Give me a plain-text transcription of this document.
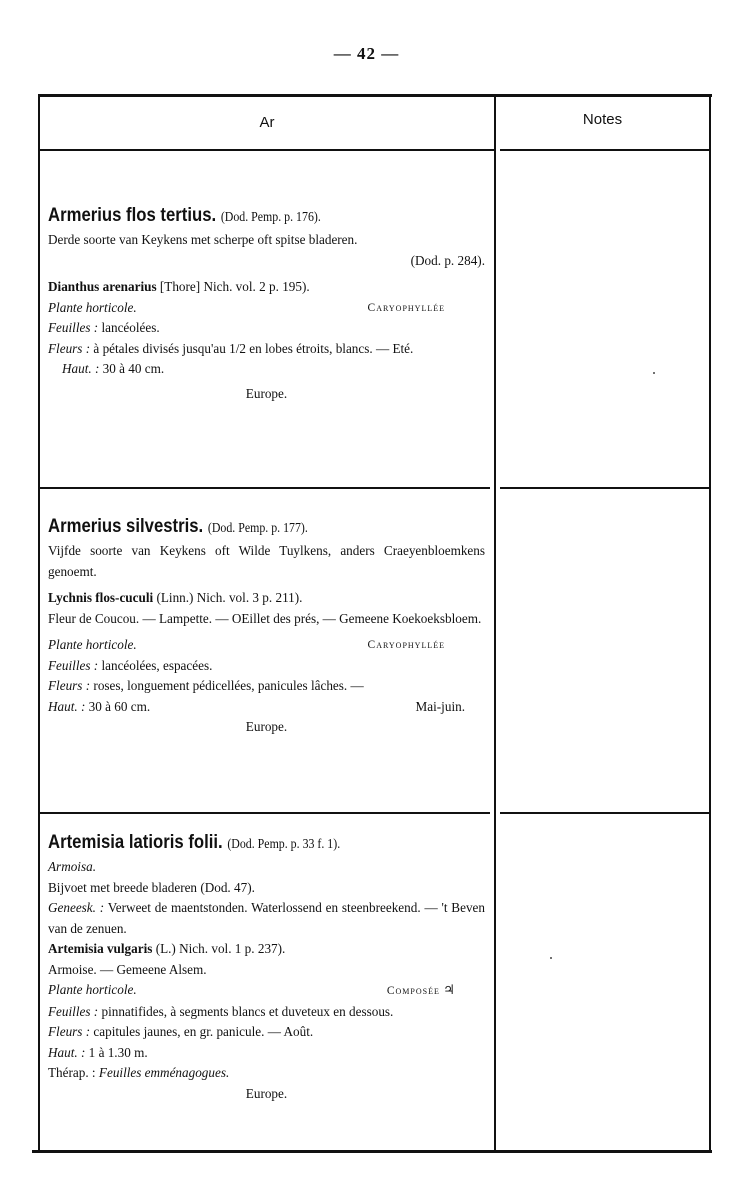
— 42 —
Ar	Notes

Armerius flos tertius. (Dod. Pemp. p. 176).

Derde soorte van Keykens met scherpe oft spitse bladeren.

(Dod. p. 284).

Dianthus arenarius [Thore] Nich. vol. 2 p. 195).

Plante horticole.	Caryophyllée

Feuilles : lancéolées.

Fleurs : à pétales divisés jusqu'au 1/2 en lobes étroits, blancs. — Eté.

Haut. : 30 à 40 cm.

Europe.

Armerius silvestris. (Dod. Pemp. p. 177).

Vijfde soorte van Keykens oft Wilde Tuylkens, anders Craeyenbloemkens genoemt.

Lychnis flos-cuculi (Linn.) Nich. vol. 3 p. 211).

Fleur de Coucou. — Lampette. — OEillet des prés, — Gemeene Koekoeksbloem.

Plante horticole.	Caryophyllée

Feuilles : lancéolées, espacées.

Fleurs : roses, longuement pédicellées, panicules lâches. —

Haut. : 30 à 60 cm.	Mai-juin.

Europe.

Artemisia latioris folii. (Dod. Pemp. p. 33 f. 1).

Armoisa.

Bijvoet met breede bladeren (Dod. 47).

Geneesk. : Verweet de maentstonden. Waterlossend en steenbreekend. — 't Beven van de zenuen.

Artemisia vulgaris (L.) Nich. vol. 1 p. 237).

Armoise. — Gemeene Alsem.

Plante horticole.	Composée ♃

Feuilles : pinnatifides, à segments blancs et duveteux en dessous.

Fleurs : capitules jaunes, en gr. panicule. — Août.

Haut. : 1 à 1.30 m.

Thérap. : Feuilles emménagogues.

Europe.
